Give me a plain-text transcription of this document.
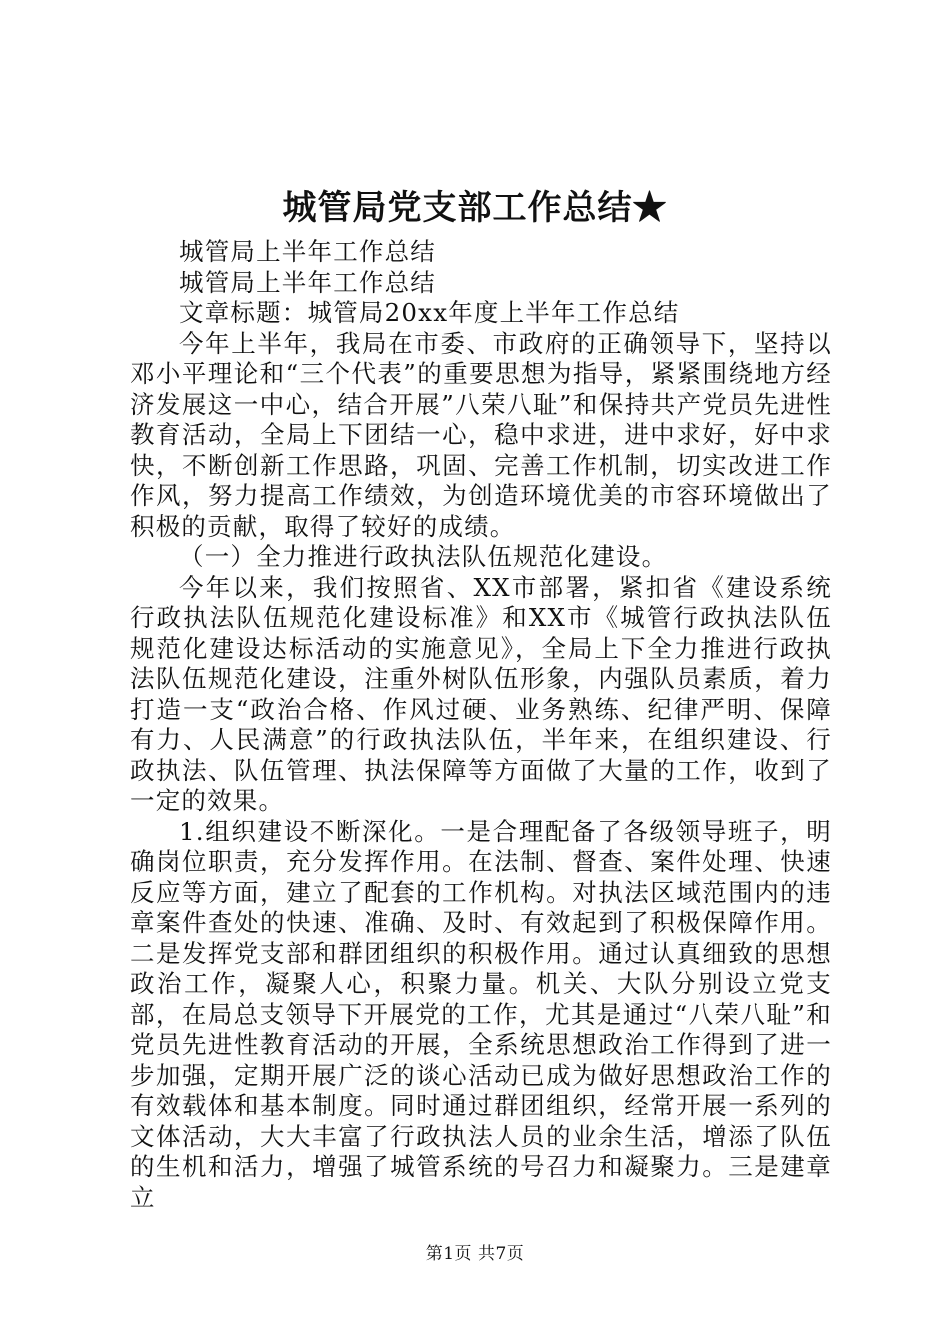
城管局党支部工作总结★

城管局上半年工作总结

城管局上半年工作总结

文章标题：城管局20xx年度上半年工作总结

今年上半年，我局在市委、市政府的正确领导下，坚持以邓小平理论和“三个代表”的重要思想为指导，紧紧围绕地方经济发展这一中心，结合开展”八荣八耻”和保持共产党员先进性教育活动，全局上下团结一心，稳中求进，进中求好，好中求快，不断创新工作思路，巩固、完善工作机制，切实改进工作作风，努力提高工作绩效，为创造环境优美的市容环境做出了积极的贡献，取得了较好的成绩。

（一）全力推进行政执法队伍规范化建设。

今年以来，我们按照省、XX市部署，紧扣省《建设系统行政执法队伍规范化建设标准》和XX市《城管行政执法队伍规范化建设达标活动的实施意见》，全局上下全力推进行政执法队伍规范化建设，注重外树队伍形象，内强队员素质，着力打造一支“政治合格、作风过硬、业务熟练、纪律严明、保障有力、人民满意”的行政执法队伍，半年来，在组织建设、行政执法、队伍管理、执法保障等方面做了大量的工作，收到了一定的效果。

1.组织建设不断深化。一是合理配备了各级领导班子，明确岗位职责，充分发挥作用。在法制、督查、案件处理、快速反应等方面，建立了配套的工作机构。对执法区域范围内的违章案件查处的快速、准确、及时、有效起到了积极保障作用。二是发挥党支部和群团组织的积极作用。通过认真细致的思想政治工作，凝聚人心，积聚力量。机关、大队分别设立党支部，在局总支领导下开展党的工作，尤其是通过“八荣八耻”和党员先进性教育活动的开展，全系统思想政治工作得到了进一步加强，定期开展广泛的谈心活动已成为做好思想政治工作的有效载体和基本制度。同时通过群团组织，经常开展一系列的文体活动，大大丰富了行政执法人员的业余生活，增添了队伍的生机和活力，增强了城管系统的号召力和凝聚力。三是建章立

第1页 共7页
